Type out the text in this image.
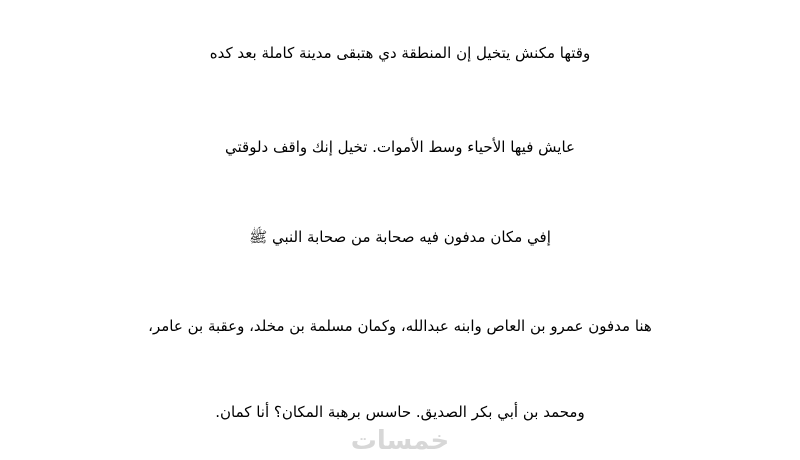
وقتها مكنش يتخيل إن المنطقة دي هتبقى مدينة كاملة بعد كده
عايش فيها الأحياء وسط الأموات. تخيل إنك واقف دلوقتي
إفي مكان مدفون فيه صحابة من صحابة النبي ﷺ
هنا مدفون عمرو بن العاص وابنه عبدالله، وكمان مسلمة بن مخلد، وعقبة بن عامر،
ومحمد بن أبي بكر الصديق. حاسس برهبة المكان؟ أنا كمان.
خمسات
